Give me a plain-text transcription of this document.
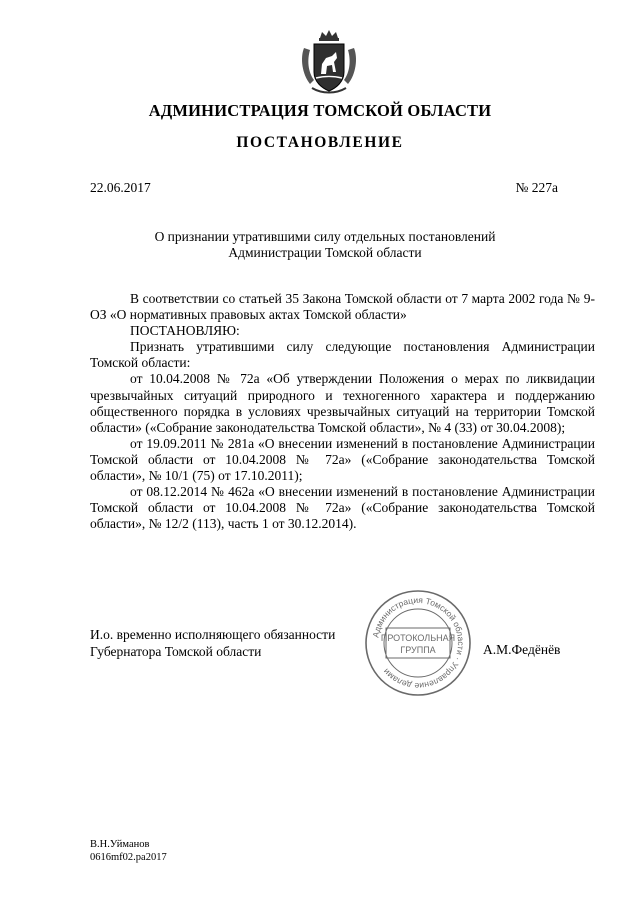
АДМИНИСТРАЦИЯ ТОМСКОЙ ОБЛАСТИ
ПОСТАНОВЛЕНИЕ
22.06.2017	№ 227а
О признании утратившими силу отдельных постановлений
Администрации Томской области

В соответствии со статьей 35 Закона Томской области от 7 марта 2002 года № 9-ОЗ «О нормативных правовых актах Томской области»

ПОСТАНОВЛЯЮ:

Признать утратившими силу следующие постановления Администрации Томской области:

от 10.04.2008 № 72а «Об утверждении Положения о мерах по ликвидации чрезвычайных ситуаций природного и техногенного характера и поддержанию общественного порядка в условиях чрезвычайных ситуаций на территории Томской области» («Собрание законодательства Томской области», № 4 (33) от 30.04.2008);

от 19.09.2011 № 281а «О внесении изменений в постановление Администрации Томской области от 10.04.2008 № 72а» («Собрание законодательства Томской области», № 10/1 (75) от 17.10.2011);

от 08.12.2014 № 462а «О внесении изменений в постановление Администрации Томской области от 10.04.2008 № 72а» («Собрание законодательства Томской области», № 12/2 (113), часть 1 от 30.12.2014).

И.о. временно исполняющего обязанности
Губернатора Томской области
Администрация Томской области · Управление делами
ПРОТОКОЛЬНАЯ
ГРУППА	А.М.Федёнёв
В.Н.Уйманов
0616mf02.pa2017
